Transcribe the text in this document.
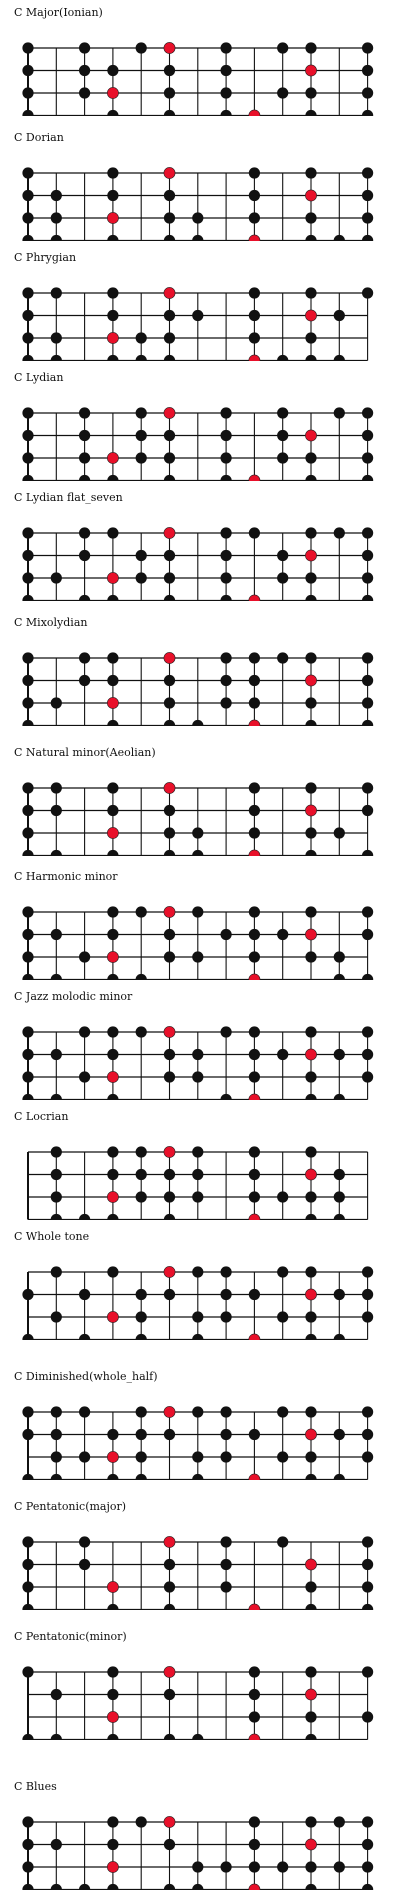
C Major(Ionian)
C Dorian
C Phrygian
C Lydian
C Lydian flat_seven
C Mixolydian
C Natural minor(Aeolian)
C Harmonic minor
C Jazz molodic minor
C Locrian
C Whole tone
C Diminished(whole_half)
C Pentatonic(major)
C Pentatonic(minor)
C Blues
